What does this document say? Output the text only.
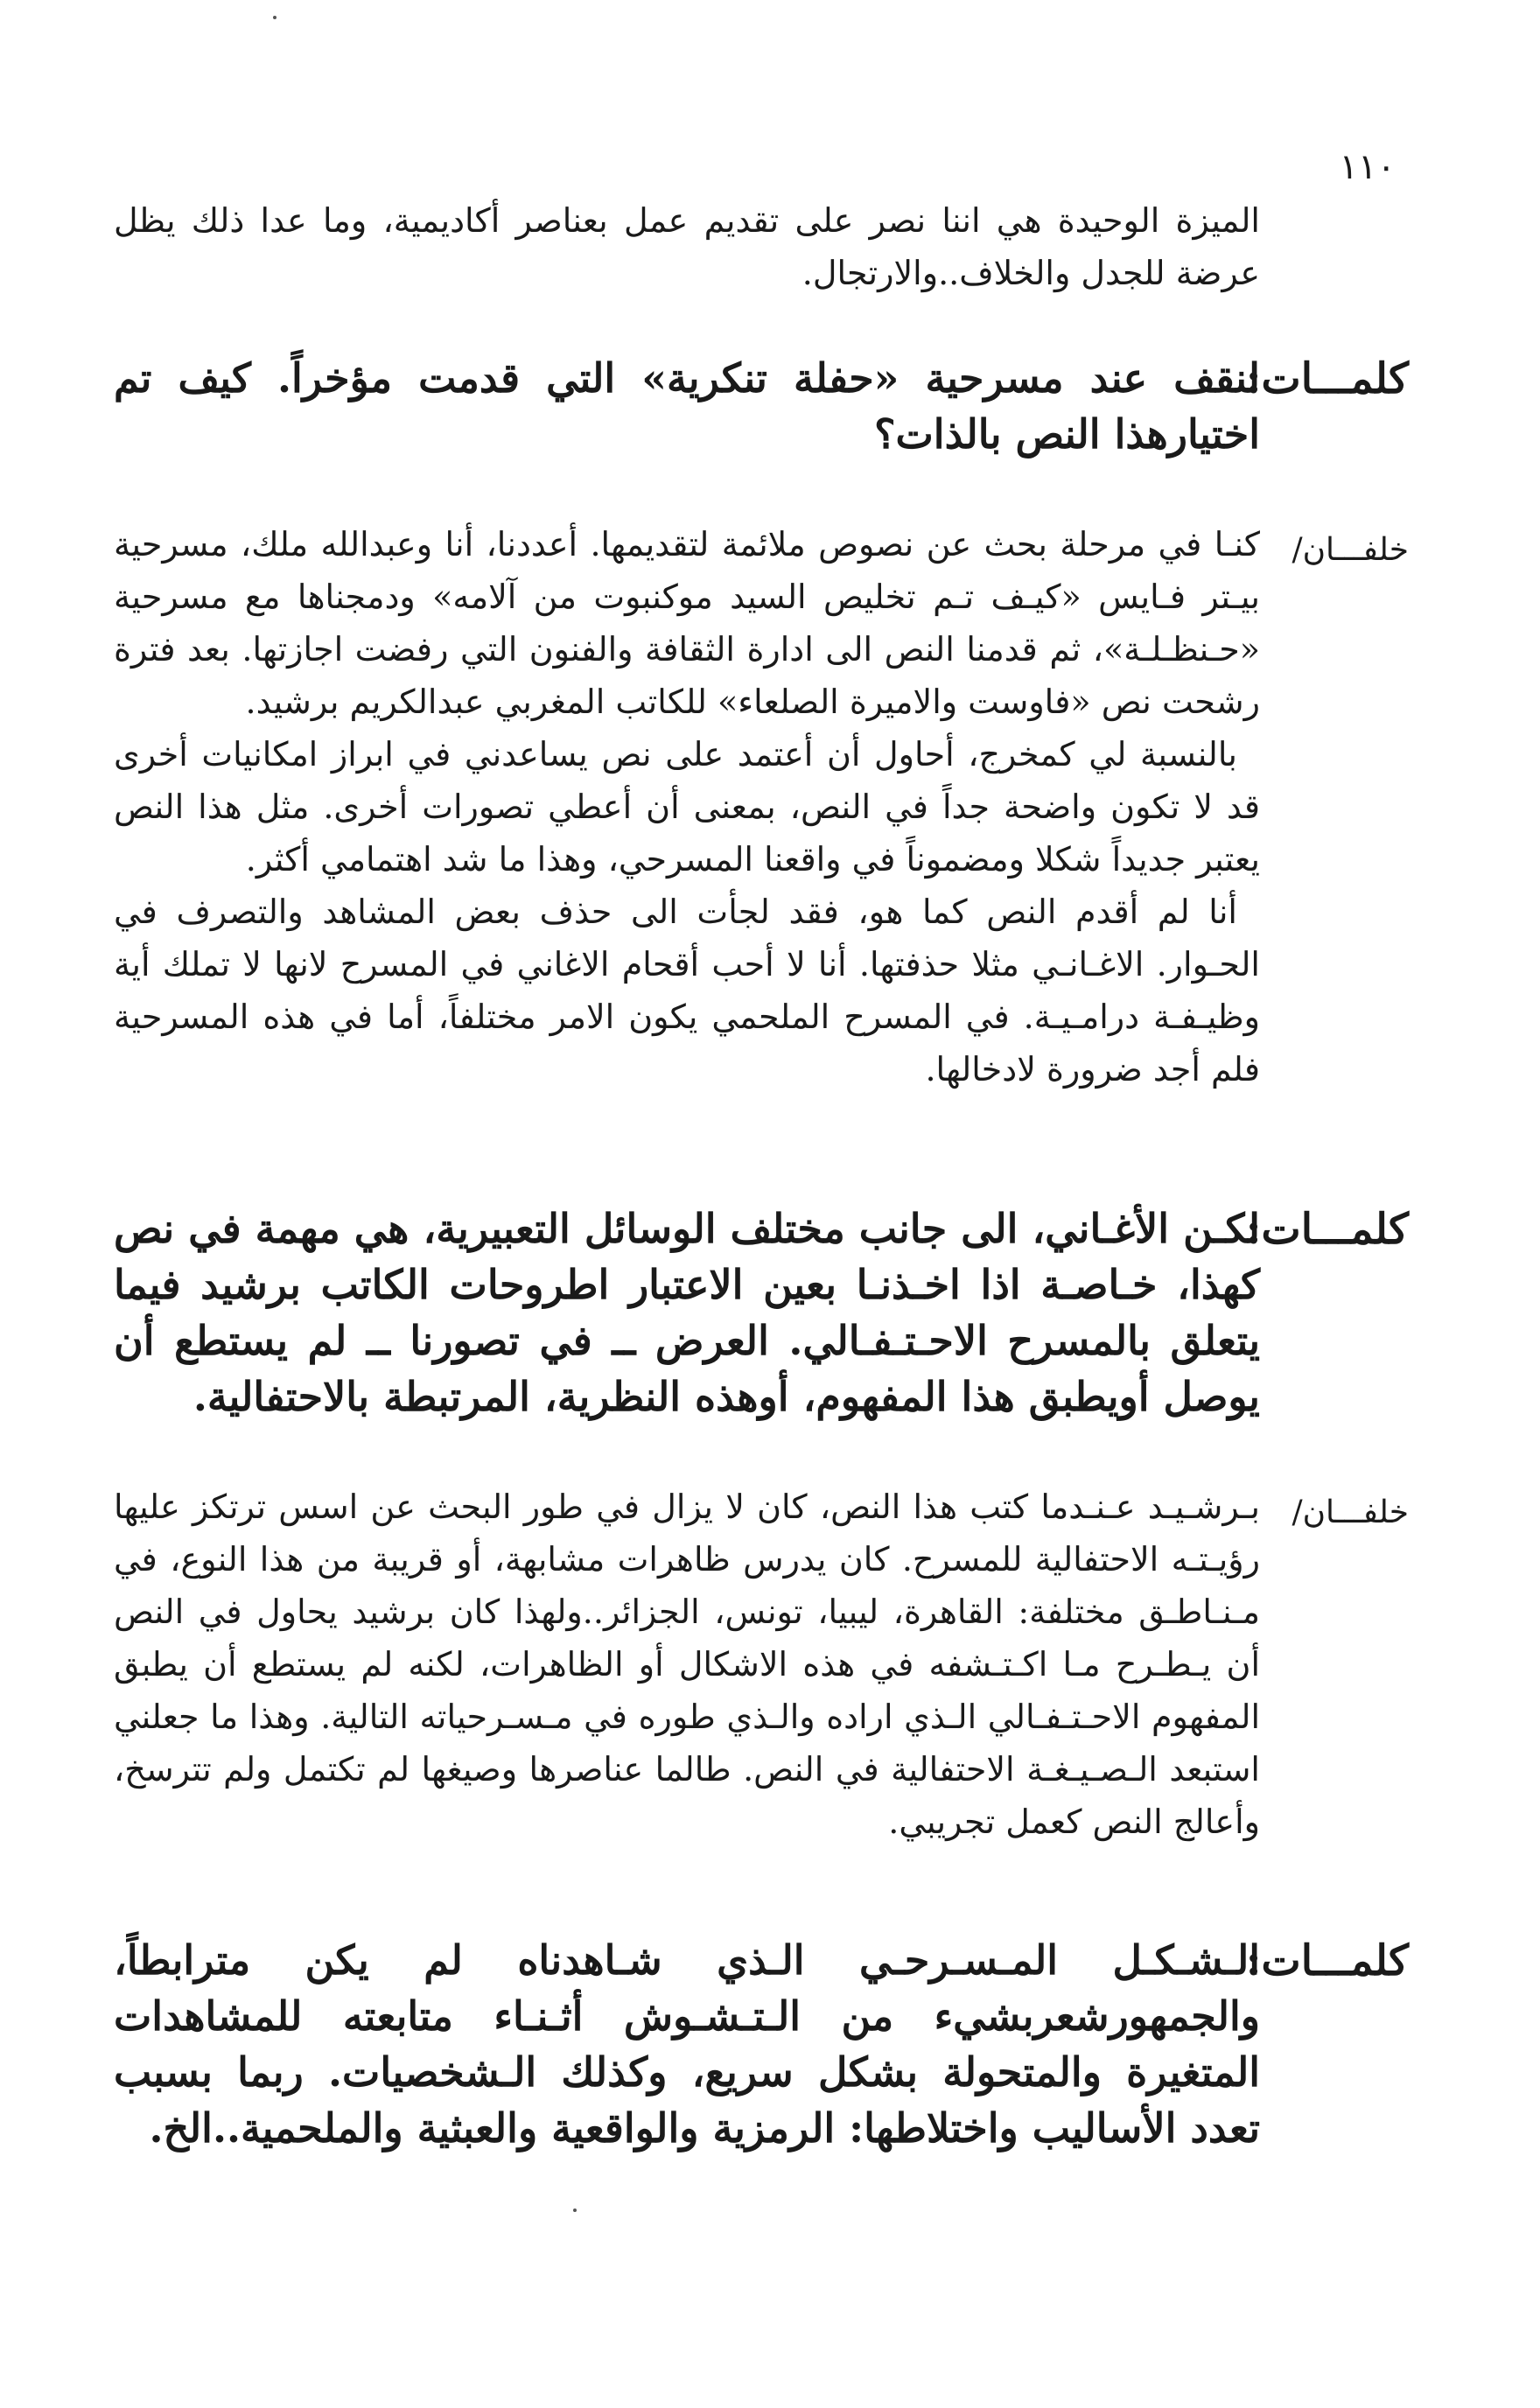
١١٠
الميزة الوحيدة هي اننا نصر على تقديم عمل بعناصر أكاديمية، وما عدا ذلك يظل عرضة للجدل والخلاف..والارتجال.
كلمـــات:
لنقف عند مسرحية «حفلة تنكرية» التي قدمت مؤخراً. كيف تم اختيارهذا النص بالذات؟
خلفـــان/

كنـا في مرحلة بحث عن نصوص ملائمة لتقديمها. أعددنا، أنا وعبدالله ملك، مسرحية بيـتر فـايس «كيـف تـم تخليص السيد موكنبوت من آلامه» ودمجناها مع مسرحية «حـنظـلـة»، ثم قدمنا النص الى ادارة الثقافة والفنون التي رفضت اجازتها. بعد فترة رشحت نص «فاوست والاميرة الصلعاء» للكاتب المغربي عبدالكريم برشيد.

بالنسبة لي كمخرج، أحاول أن أعتمد على نص يساعدني في ابراز امكانيات أخرى قد لا تكون واضحة جداً في النص، بمعنى أن أعطي تصورات أخرى. مثل هذا النص يعتبر جديداً شكلا ومضموناً في واقعنا المسرحي، وهذا ما شد اهتمامي أكثر.

أنا لم أقدم النص كما هو، فقد لجأت الى حذف بعض المشاهد والتصرف في الحـوار. الاغـانـي مثلا حذفتها. أنا لا أحب أقحام الاغاني في المسرح لانها لا تملك أية وظيـفـة درامـيـة. في المسرح الملحمي يكون الامر مختلفاً، أما في هذه المسرحية فلم أجد ضرورة لادخالها.

كلمـــات:
لكـن الأغـاني، الى جانب مختلف الوسائل التعبيرية، هي مهمة في نص كهذا، خـاصـة اذا اخـذنـا بعين الاعتبار اطروحات الكاتب برشيد فيما يتعلق بالمسرح الاحـتـفـالي. العرض ــ في تصورنا ــ لم يستطع أن يوصل أويطبق هذا المفهوم، أوهذه النظرية، المرتبطة بالاحتفالية.
خلفـــان/

بـرشـيـد عـنـدما كتب هذا النص، كان لا يزال في طور البحث عن اسس ترتكز عليها رؤيـتـه الاحتفالية للمسرح. كان يدرس ظاهرات مشابهة، أو قريبة من هذا النوع، في مـنـاطـق مختلفة: القاهرة، ليبيا، تونس، الجزائر..ولهذا كان برشيد يحاول في النص أن يـطـرح مـا اكـتـشفه في هذه الاشكال أو الظاهرات، لكنه لم يستطع أن يطبق المفهوم الاحـتـفـالي الـذي اراده والـذي طوره في مـسـرحياته التالية. وهذا ما جعلني استبعد الـصـيـغـة الاحتفالية في النص. طالما عناصرها وصيغها لم تكتمل ولم تترسخ، وأعالج النص كعمل تجريبي.

كلمـــات:
الـشـكـل المـسـرحـي الـذي شـاهدناه لم يكن مترابطاً، والجمهورشعربشيء من الـتـشـوش أثـنـاء متابعته للمشاهدات المتغيرة والمتحولة بشكل سريع، وكذلك الـشخصيات. ربما بسبب تعدد الأساليب واختلاطها: الرمزية والواقعية والعبثية والملحمية..الخ.
